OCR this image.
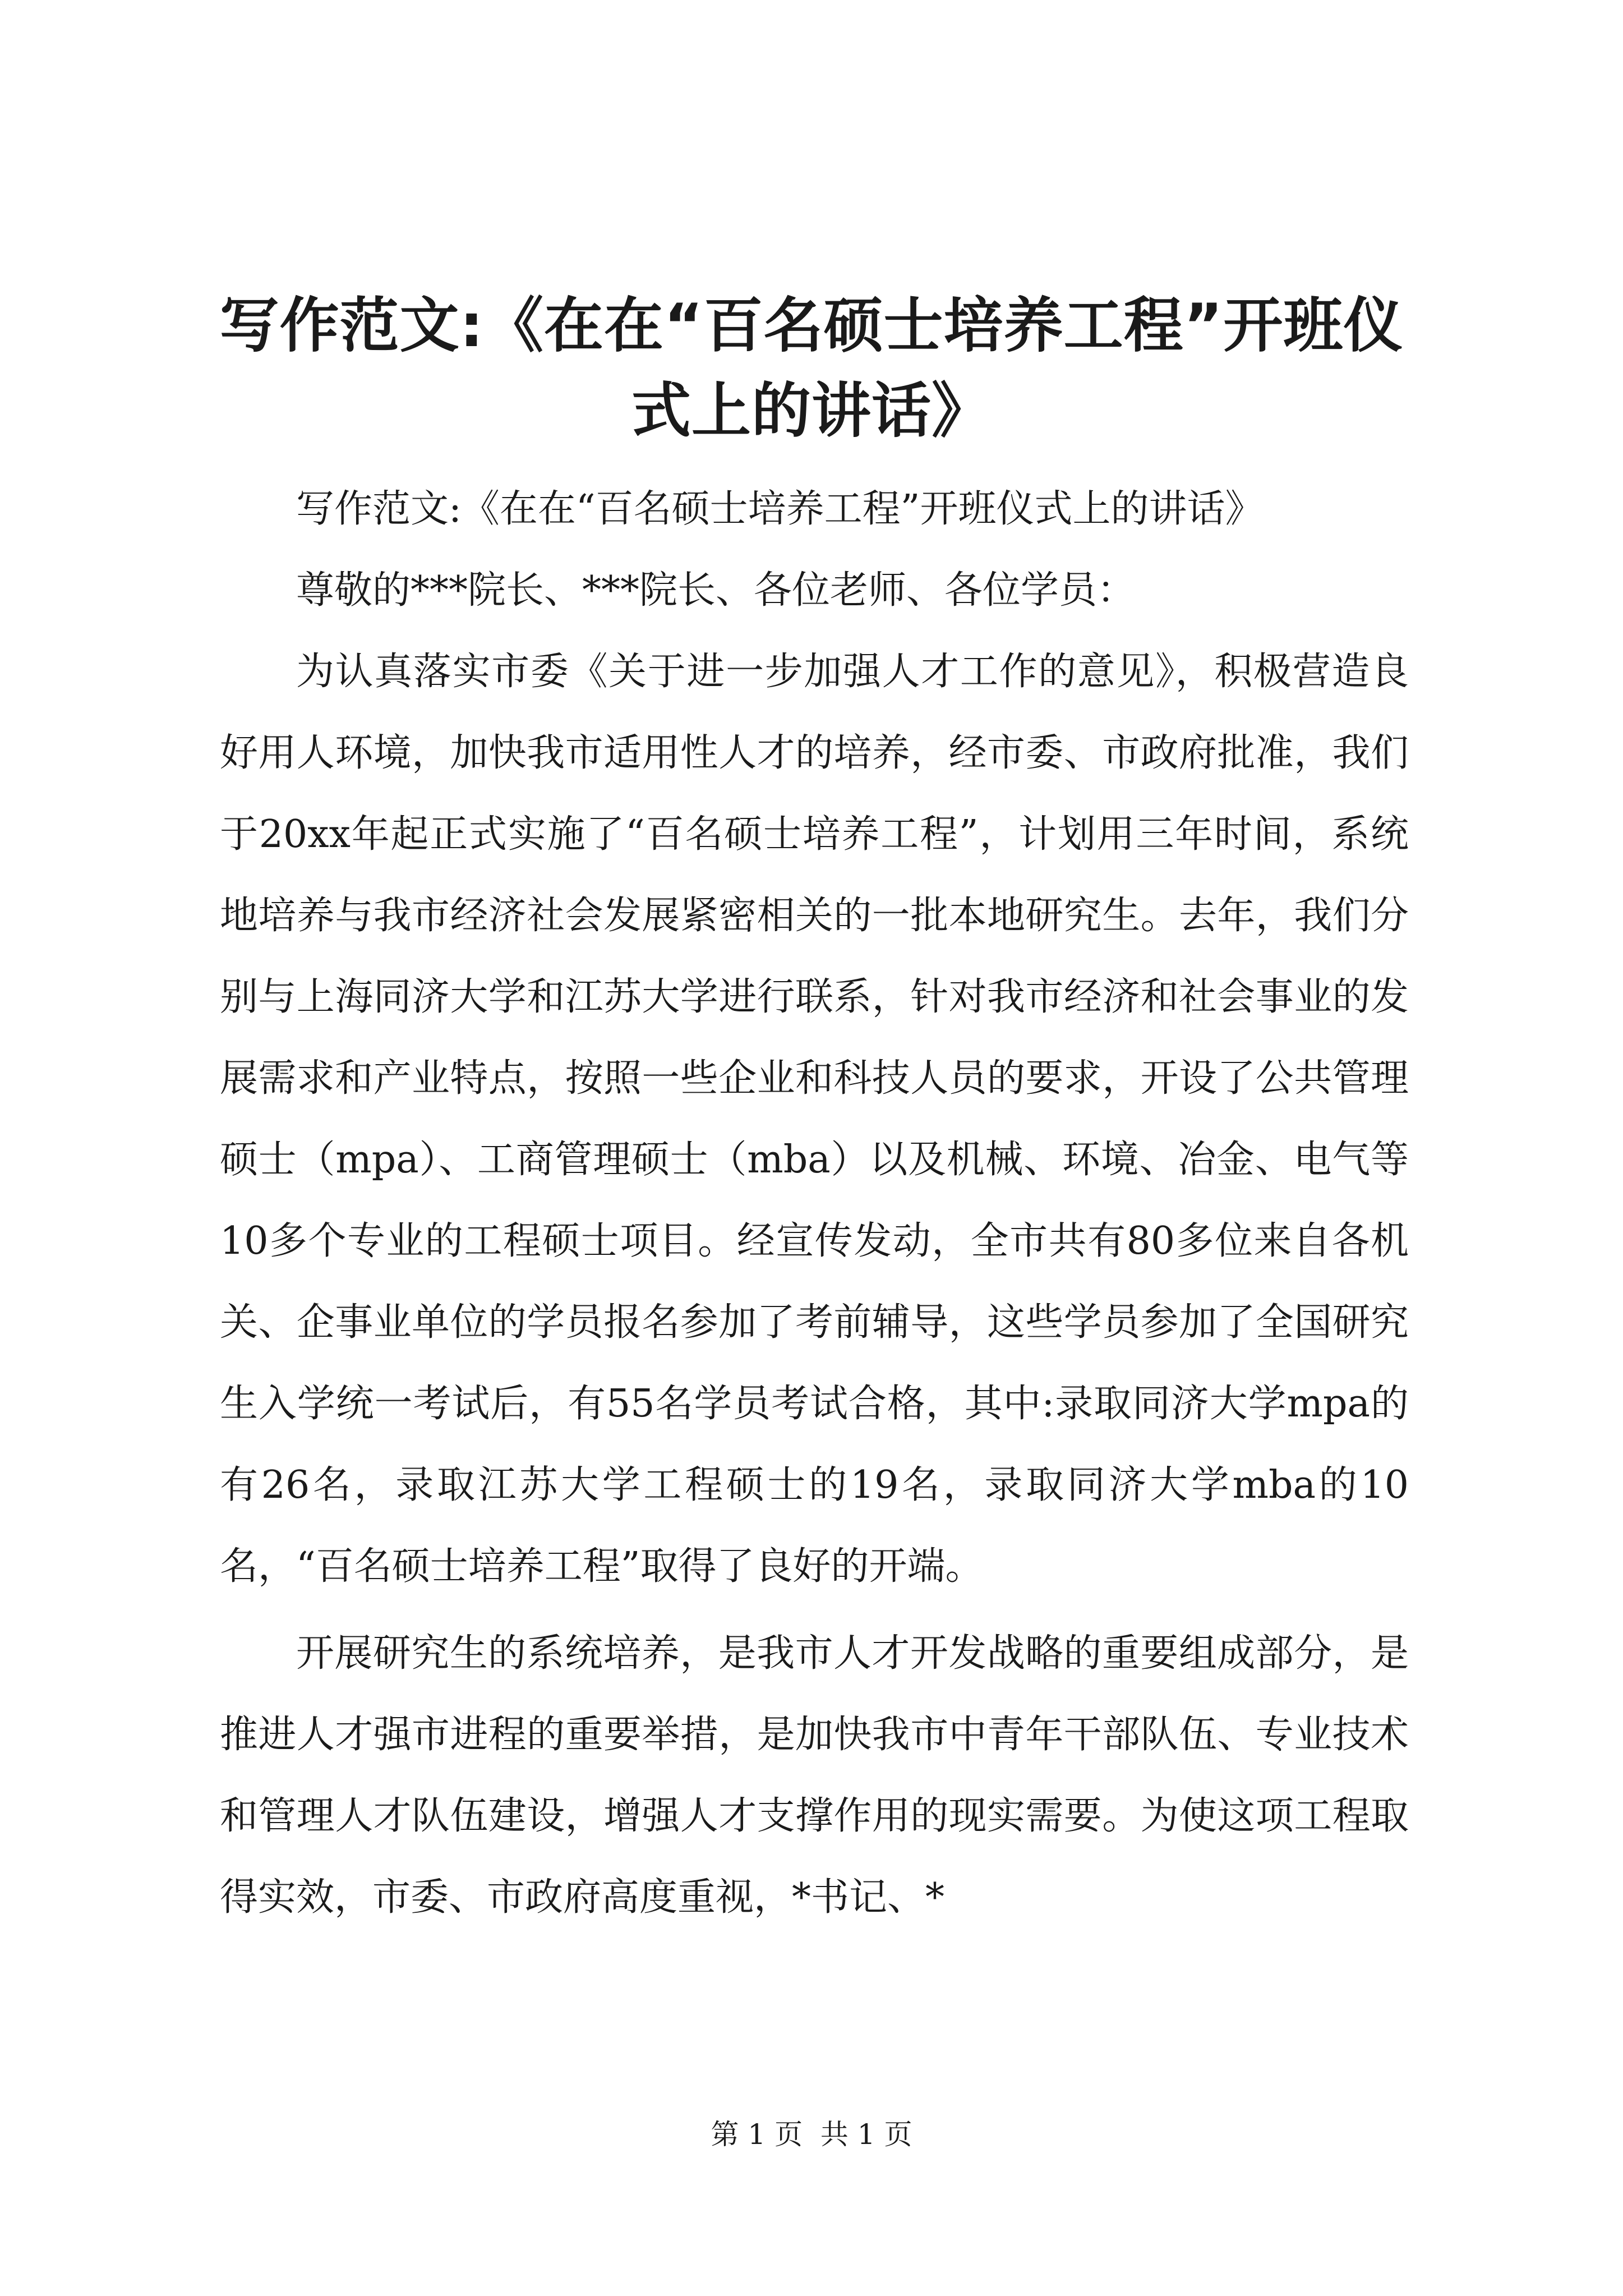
写作范文:《在在“百名硕士培养工程”开班仪式上的讲话》

写作范文:《在在“百名硕士培养工程”开班仪式上的讲话》

尊敬的***院长、***院长、各位老师、各位学员：

为认真落实市委《关于进一步加强人才工作的意见》，积极营造良好用人环境，加快我市适用性人才的培养，经市委、市政府批准，我们于20xx年起正式实施了“百名硕士培养工程”，计划用三年时间，系统地培养与我市经济社会发展紧密相关的一批本地研究生。去年，我们分别与上海同济大学和江苏大学进行联系，针对我市经济和社会事业的发展需求和产业特点，按照一些企业和科技人员的要求，开设了公共管理硕士（mpa）、工商管理硕士（mba）以及机械、环境、冶金、电气等10多个专业的工程硕士项目。经宣传发动，全市共有80多位来自各机关、企事业单位的学员报名参加了考前辅导，这些学员参加了全国研究生入学统一考试后，有55名学员考试合格，其中:录取同济大学mpa的有26名，录取江苏大学工程硕士的19名，录取同济大学mba的10名，“百名硕士培养工程”取得了良好的开端。

开展研究生的系统培养，是我市人才开发战略的重要组成部分，是推进人才强市进程的重要举措，是加快我市中青年干部队伍、专业技术和管理人才队伍建设，增强人才支撑作用的现实需要。为使这项工程取得实效，市委、市政府高度重视，*书记、*

第 1 页  共 1 页
